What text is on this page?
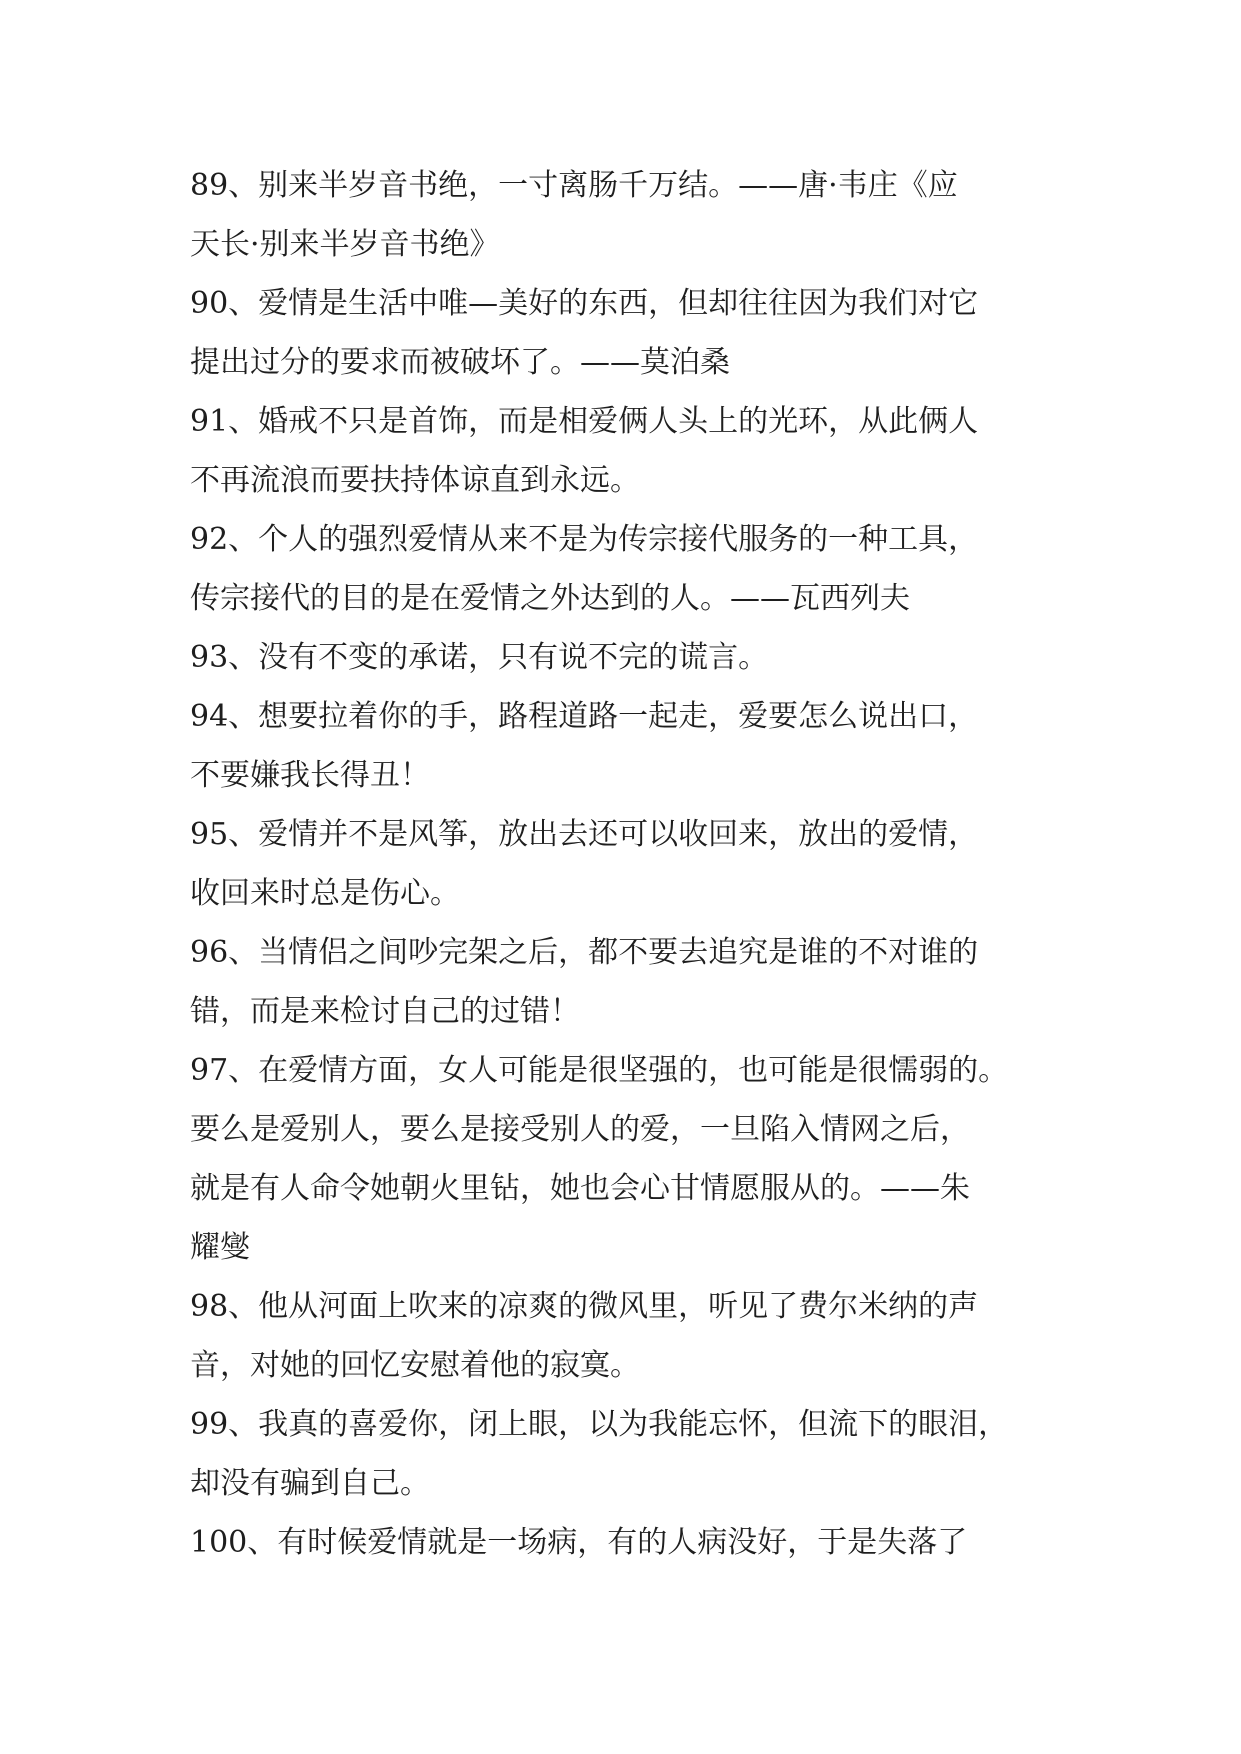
89、别来半岁音书绝，一寸离肠千万结。——唐·韦庄《应
天长·别来半岁音书绝》
90、爱情是生活中唯—美好的东西，但却往往因为我们对它
提出过分的要求而被破坏了。——莫泊桑
91、婚戒不只是首饰，而是相爱俩人头上的光环，从此俩人
不再流浪而要扶持体谅直到永远。
92、个人的强烈爱情从来不是为传宗接代服务的一种工具，
传宗接代的目的是在爱情之外达到的人。——瓦西列夫
93、没有不变的承诺，只有说不完的谎言。
94、想要拉着你的手，路程道路一起走，爱要怎么说出口，
不要嫌我长得丑！
95、爱情并不是风筝，放出去还可以收回来，放出的爱情，
收回来时总是伤心。
96、当情侣之间吵完架之后，都不要去追究是谁的不对谁的
错，而是来检讨自己的过错！
97、在爱情方面，女人可能是很坚强的，也可能是很懦弱的。
要么是爱别人，要么是接受别人的爱，一旦陷入情网之后，
就是有人命令她朝火里钻，她也会心甘情愿服从的。——朱
耀燮
98、他从河面上吹来的凉爽的微风里，听见了费尔米纳的声
音，对她的回忆安慰着他的寂寞。
99、我真的喜爱你，闭上眼，以为我能忘怀，但流下的眼泪，
却没有骗到自己。
100、有时候爱情就是一场病，有的人病没好，于是失落了
